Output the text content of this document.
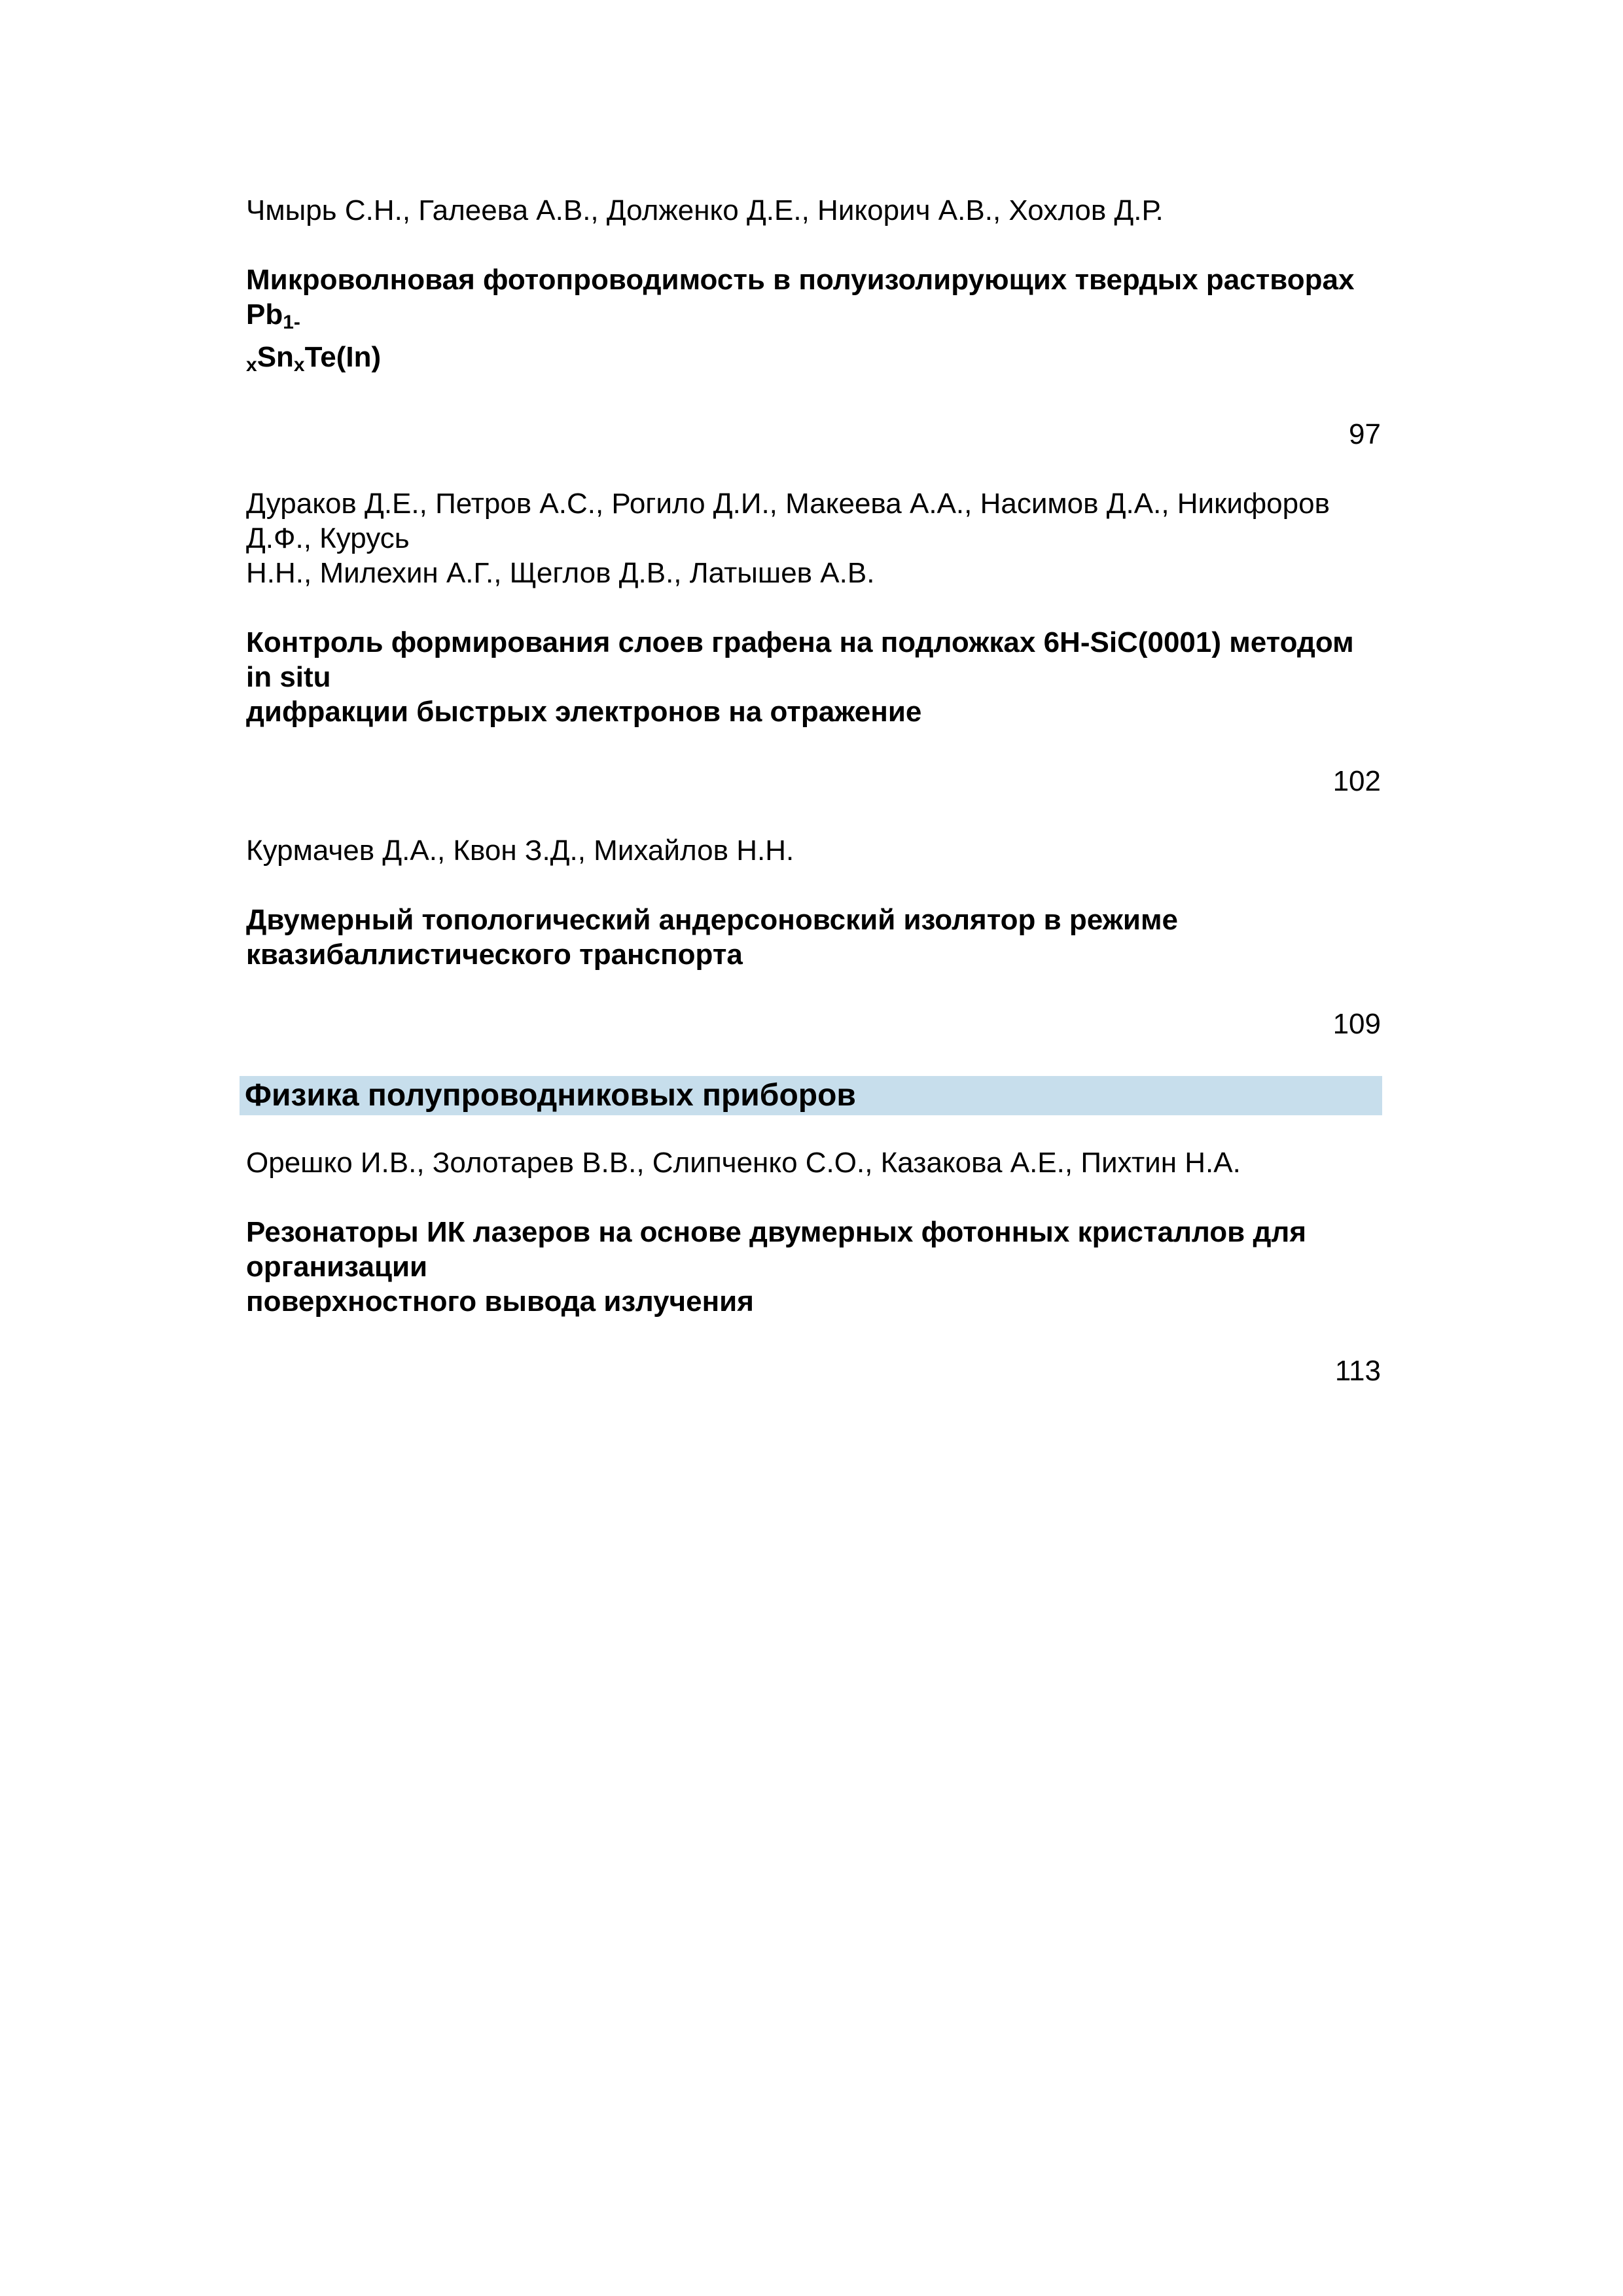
Чмырь С.Н., Галеева А.В., Долженко Д.Е., Никорич А.В., Хохлов Д.Р.
Микроволновая фотопроводимость в полуизолирующих твердых растворах $Pb_{1-}$
$_xSn_xTe(In)$
97
Дураков Д.Е., Петров А.С., Рогило Д.И., Макеева А.А., Насимов Д.А., Никифоров Д.Ф., Курусь
Н.Н., Милехин А.Г., Щеглов Д.В., Латышев А.В.
Контроль формирования слоев графена на подложках 6H-SiC(0001) методом in situ
дифракции быстрых электронов на отражение
102
Курмачев Д.А., Квон З.Д., Михайлов Н.Н.
Двумерный топологический андерсоновский изолятор в режиме
квазибаллистического транспорта
109
Физика полупроводниковых приборов
Орешко И.В., Золотарев В.В., Слипченко С.О., Казакова А.Е., Пихтин Н.А.
Резонаторы ИК лазеров на основе двумерных фотонных кристаллов для организации
поверхностного вывода излучения
113
